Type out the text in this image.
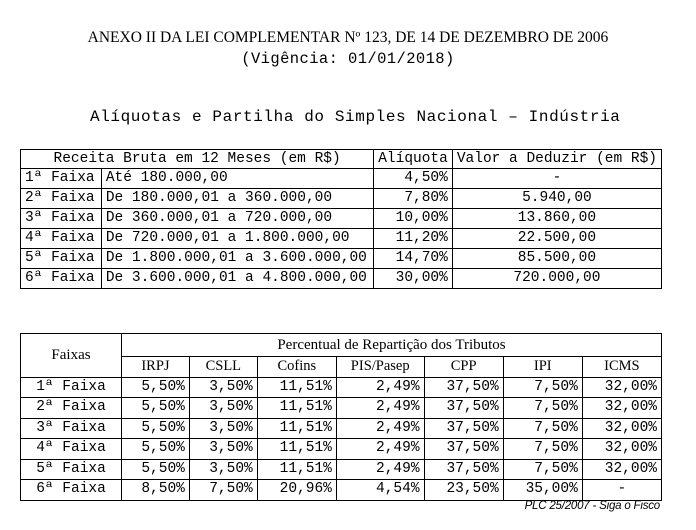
ANEXO II DA LEI COMPLEMENTAR Nº 123, DE 14 DE DEZEMBRO DE 2006
(Vigência: 01/01/2018)
Alíquotas e Partilha do Simples Nacional – Indústria
Receita Bruta em 12 Meses (em R$)		Alíquota	Valor a Deduzir (em R$)
1ª Faixa	Até 180.000,00	4,50%	-
2ª Faixa	De 180.000,01 a 360.000,00	7,80%	5.940,00
3ª Faixa	De 360.000,01 a 720.000,00	10,00%	13.860,00
4ª Faixa	De 720.000,01 a 1.800.000,00	11,20%	22.500,00
5ª Faixa	De 1.800.000,01 a 3.600.000,00	14,70%	85.500,00
6ª Faixa	De 3.600.000,01 a 4.800.000,00	30,00%	720.000,00
Faixas	Percentual de Repartição dos Tributos						
	IRPJ	CSLL	Cofins	PIS/Pasep	CPP	IPI	ICMS
1ª Faixa	5,50%	3,50%	11,51%	2,49%	37,50%	7,50%	32,00%
2ª Faixa	5,50%	3,50%	11,51%	2,49%	37,50%	7,50%	32,00%
3ª Faixa	5,50%	3,50%	11,51%	2,49%	37,50%	7,50%	32,00%
4ª Faixa	5,50%	3,50%	11,51%	2,49%	37,50%	7,50%	32,00%
5ª Faixa	5,50%	3,50%	11,51%	2,49%	37,50%	7,50%	32,00%
6ª Faixa	8,50%	7,50%	20,96%	4,54%	23,50%	35,00%	-
PLC 25/2007 - Siga o Fisco
